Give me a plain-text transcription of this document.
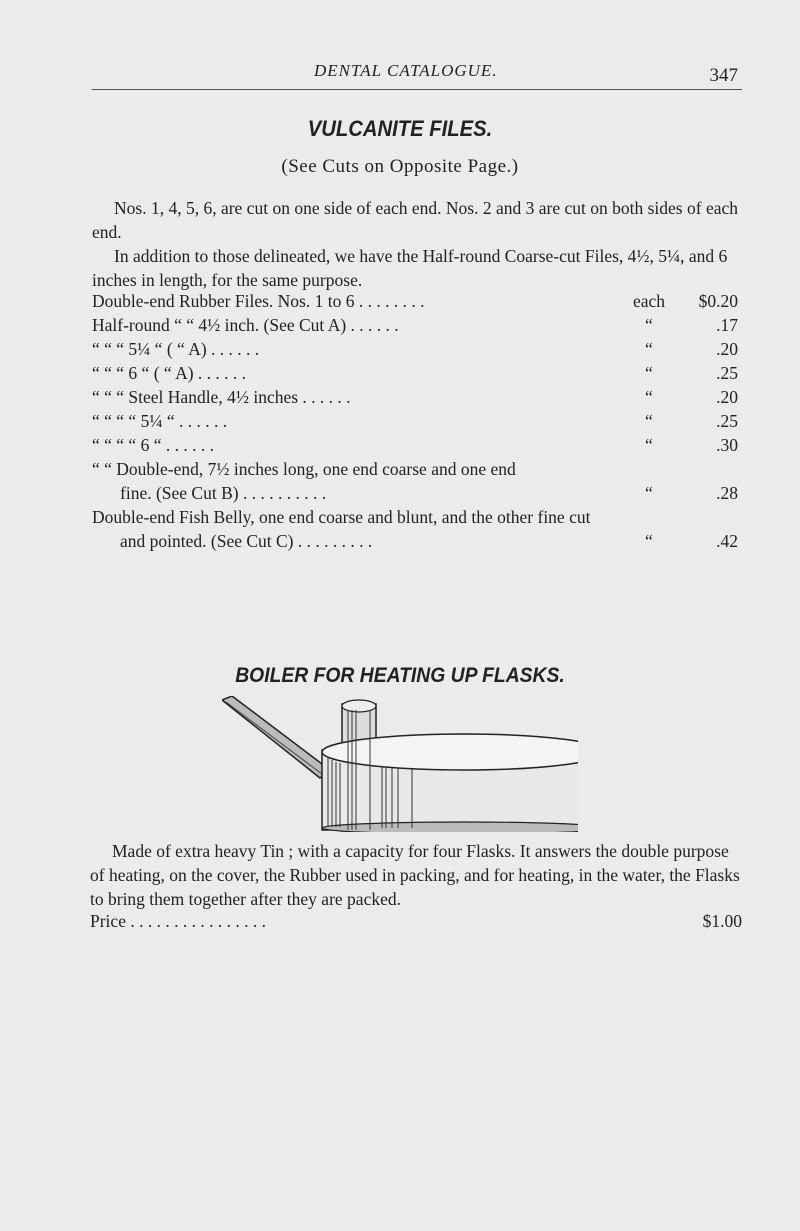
DENTAL CATALOGUE.	347
VULCANITE FILES.
(See Cuts on Opposite Page.)
Nos. 1, 4, 5, 6, are cut on one side of each end. Nos. 2 and 3 are cut on both sides of each end.
In addition to those delineated, we have the Half-round Coarse-cut Files, 4½, 5¼, and 6 inches in length, for the same purpose.
Double-end Rubber Files. Nos. 1 to 6 . . . . . . . .	each $0.20
Half-round “ “ 4½ inch. (See Cut A) . . . . . .	“	.17
“ “ “ 5¼ “ ( “ A) . . . . . .	“	.20
“ “ “ 6 “ ( “ A) . . . . . .	“	.25
“ “ “ Steel Handle, 4½ inches . . . . . .	“	.20
“ “ “ “ 5¼ “ . . . . . .	“	.25
“ “ “ “ 6 “ . . . . . .	“	.30
“ “ Double-end, 7½ inches long, one end coarse and one end
fine. (See Cut B) . . . . . . . . . .	“	.28
Double-end Fish Belly, one end coarse and blunt, and the other fine cut
and pointed. (See Cut C) . . . . . . . . .	“	.42
BOILER FOR HEATING UP FLASKS.
Made of extra heavy Tin ; with a capacity for four Flasks. It answers the double purpose of heating, on the cover, the Rubber used in packing, and for heating, in the water, the Flasks to bring them together after they are packed.
Price . . . . . . . . . . . . . . . .	$1.00
